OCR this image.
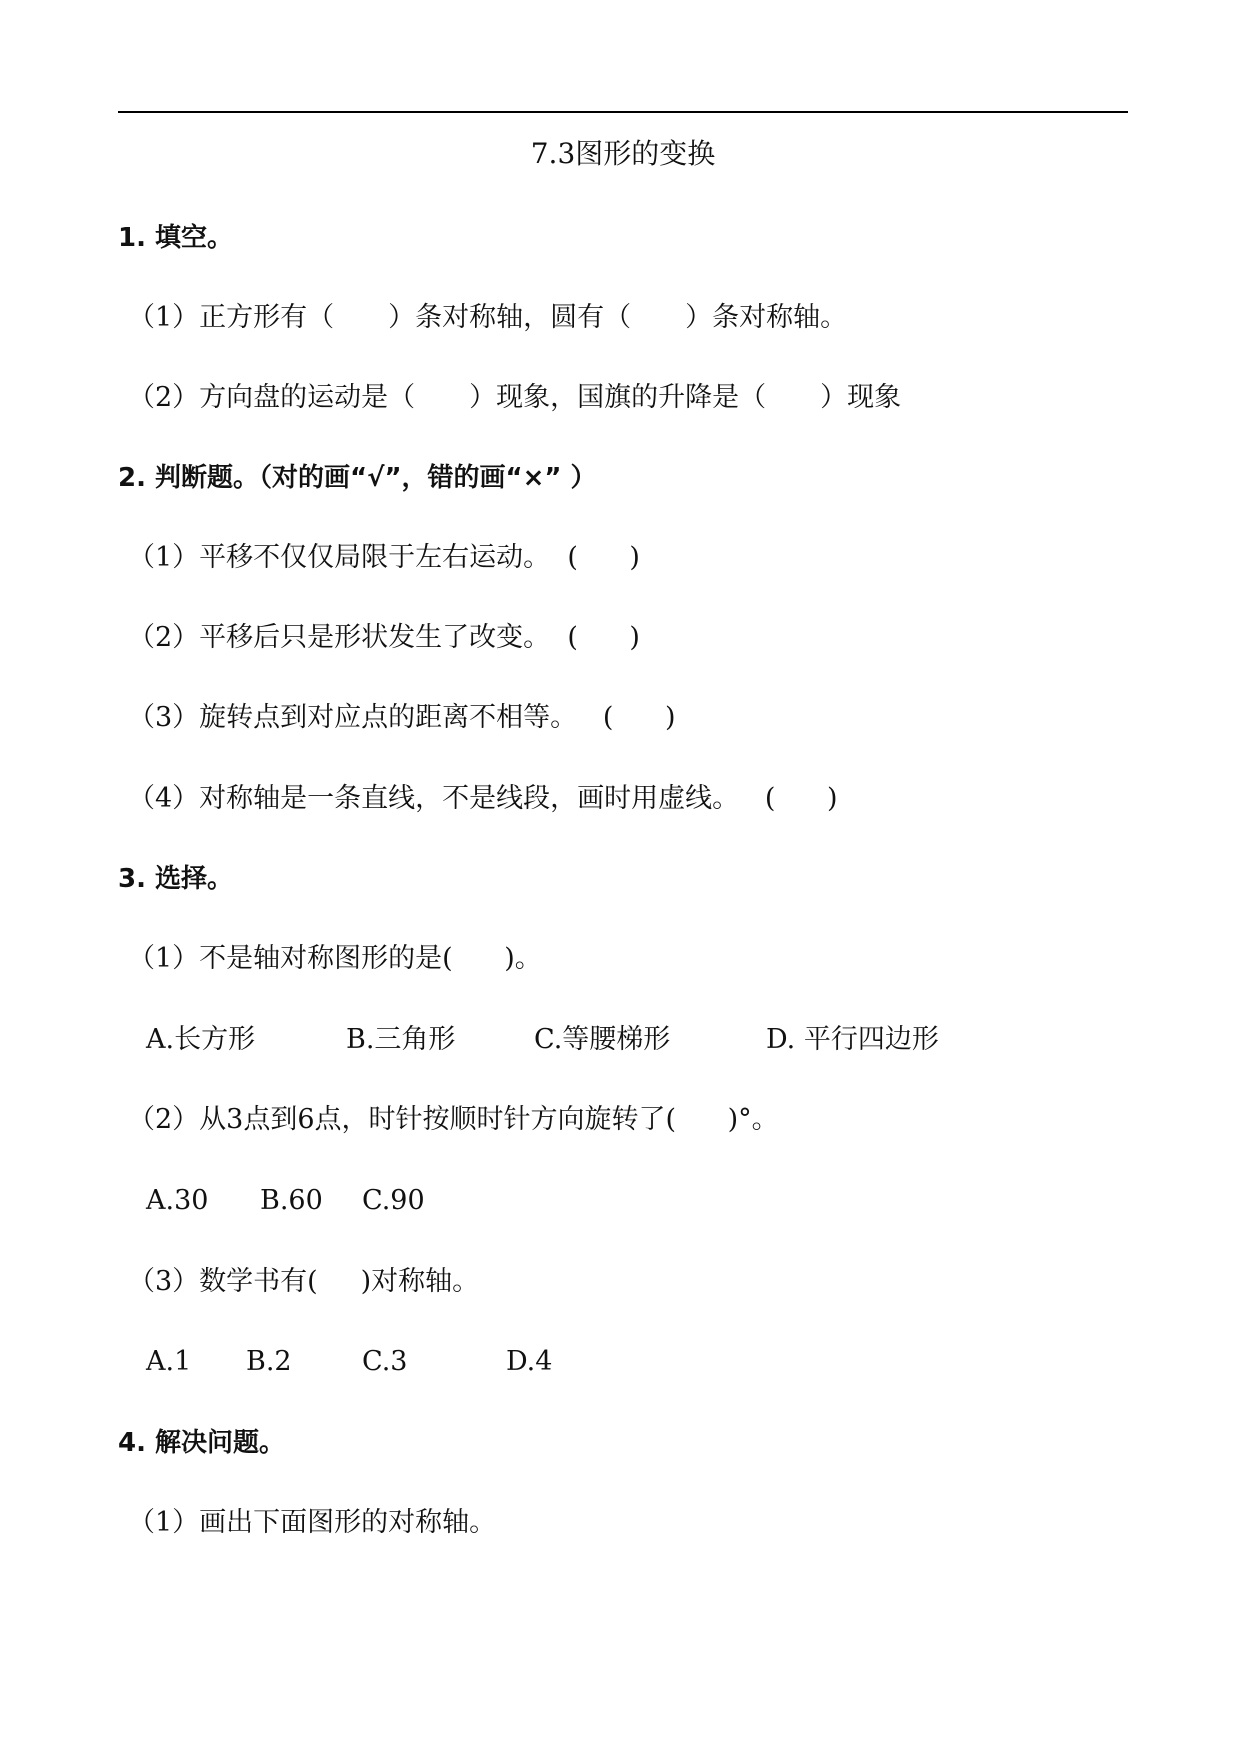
7.3图形的变换
1. 填空。
（1）正方形有（　　）条对称轴，圆有（　　）条对称轴。
（2）方向盘的运动是（　　）现象，国旗的升降是（　　）现象
2. 判断题。（对的画“√”，错的画“×” ）
（1）平移不仅仅局限于左右运动。  (      )
（2）平移后只是形状发生了改变。  (      )
（3）旋转点到对应点的距离不相等。   (      )
（4）对称轴是一条直线，不是线段，画时用虚线。   (      )
3. 选择。
（1）不是轴对称图形的是(      )。
A.长方形	B.三角形	C.等腰梯形	D. 平行四边形
（2）从3点到6点，时针按顺时针方向旋转了(      )°。
A.30 B.60 C.90
（3）数学书有(     )对称轴。
A.1 B.2	C.3	D.4
4. 解决问题。
（1）画出下面图形的对称轴。
